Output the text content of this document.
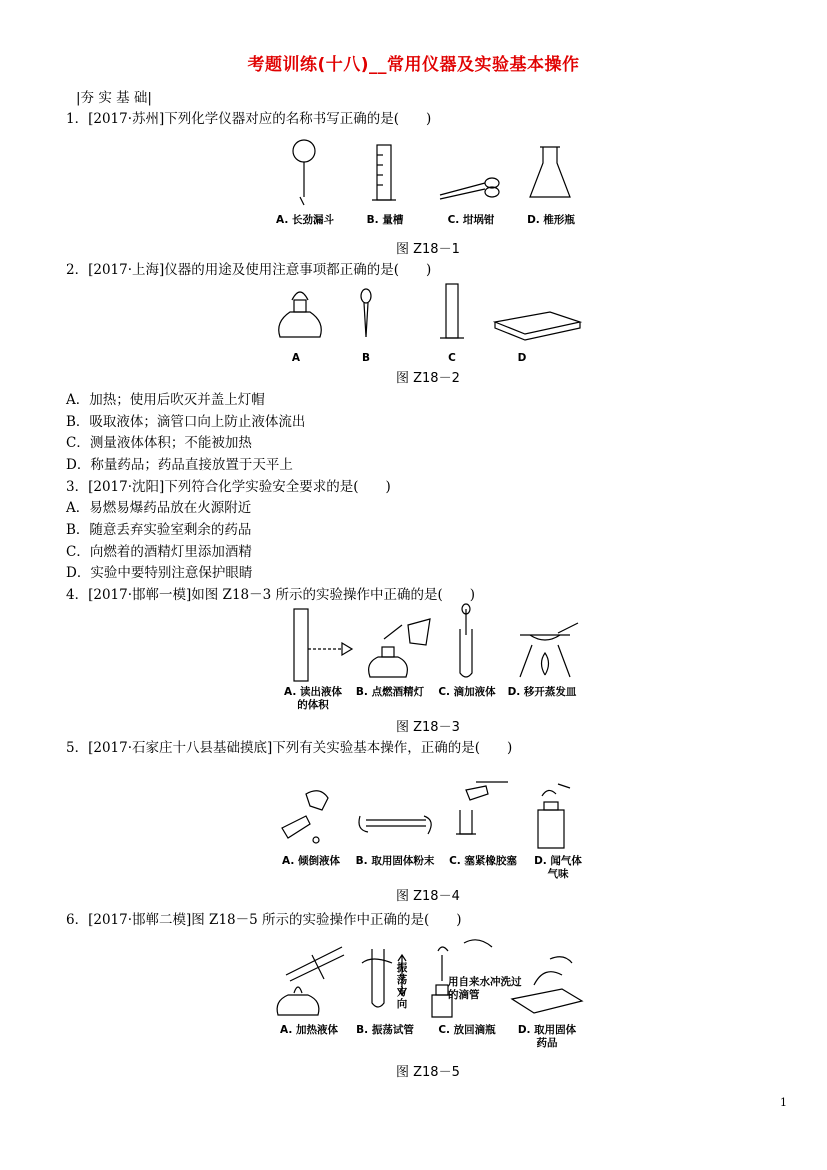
考题训练(十八)__常用仪器及实验基本操作
|夯 实 基 础|
1．[2017·苏州]下列化学仪器对应的名称书写正确的是(　　)
A. 长劲漏斗	B. 量槽	C. 坩埚钳	D. 椎形瓶
图 Z18－1
2．[2017·上海]仪器的用途及使用注意事项都正确的是(　　)
A	B	C	D
图 Z18－2
A．加热；使用后吹灭并盖上灯帽
B．吸取液体；滴管口向上防止液体流出
C．测量液体体积；不能被加热
D．称量药品；药品直接放置于天平上
3．[2017·沈阳]下列符合化学实验安全要求的是(　　)
A．易燃易爆药品放在火源附近
B．随意丢弃实验室剩余的药品
C．向燃着的酒精灯里添加酒精
D．实验中要特别注意保护眼睛
4．[2017·邯郸一模]如图 Z18－3 所示的实验操作中正确的是(　　)
A. 读出液体
的体积
B. 点燃酒精灯	C. 滴加液体	D. 移开蒸发皿
图 Z18－3
5．[2017·石家庄十八县基础摸底]下列有关实验基本操作，正确的是(　　)
A. 倾倒液体	B. 取用固体粉末	C. 塞紧橡胶塞	D. 闻气体
气味
图 Z18－4
6．[2017·邯郸二模]图 Z18－5 所示的实验操作中正确的是(　　)
振荡方向
用自来水冲洗过的滴管
A. 加热液体	B. 振荡试管	C. 放回滴瓶	D. 取用固体
药品
图 Z18－5
1
